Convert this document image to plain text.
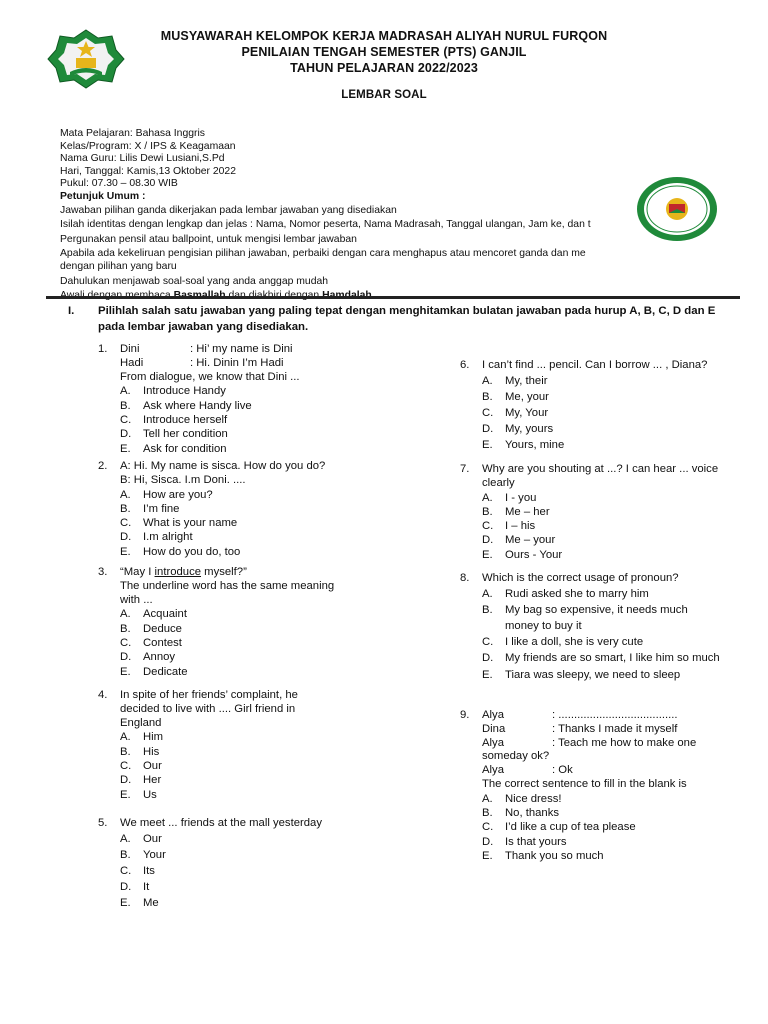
MUSYAWARAH KELOMPOK KERJA MADRASAH ALIYAH NURUL FURQON
PENILAIAN TENGAH SEMESTER (PTS) GANJIL
TAHUN PELAJARAN 2022/2023
LEMBAR SOAL
Mata Pelajaran: Bahasa Inggris
Kelas/Program: X / IPS & Keagamaan
Nama Guru: Lilis Dewi Lusiani,S.Pd
Hari, Tanggal: Kamis,13 Oktober 2022
Pukul: 07.30 – 08.30 WIB
Petunjuk Umum :
Jawaban pilihan ganda dikerjakan pada lembar jawaban yang disediakan
Isilah identitas dengan lengkap dan jelas : Nama, Nomor peserta, Nama Madrasah, Tanggal ulangan, Jam ke, dan t
Pergunakan pensil atau ballpoint, untuk mengisi lembar jawaban
Apabila ada kekeliruan pengisian pilihan jawaban, perbaiki dengan cara menghapus atau mencoret ganda dan me
dengan pilihan yang baru
Dahulukan menjawab soal-soal yang anda anggap mudah
I. Pilihlah salah satu jawaban yang paling tepat dengan menghitamkan bulatan jawaban pada hurup A, B, C, D dan E pada lembar jawaban yang disediakan.
1. Dini	: Hi’ my name is Dini
Hadi	: Hi. Dinin I’m Hadi
From dialogue, we know that Dini ...
A. Introduce Handy
B. Ask where Handy live
C. Introduce herself
D. Tell her condition
E. Ask for condition
2. A: Hi. My name is sisca. How do you do?
B: Hi, Sisca. I.m Doni. ....
A. How are you?
B. I’m fine
C. What is your name
D. I.m alright
E. How do you do, too
3. “May I introduce myself?”
The underline word has the same meaning with ...
A. Acquaint
B. Deduce
C. Contest
D. Annoy
E. Dedicate
4. In spite of her friends’ complaint, he decided to live with .... Girl friend in England
A. Him
B. His
C. Our
D. Her
E. Us
5. We meet ... friends at the mall yesterday
A. Our
B. Your
C. Its
D. It
E. Me
6. I can’t find ... pencil. Can I borrow ... , Diana?
A. My, their
B. Me, your
C. My, Your
D. My, yours
E. Yours, mine
7. Why are you shouting at ...? I can hear ... voice clearly
A. I - you
B. Me – her
C. I – his
D. Me – your
E. Ours - Your
8. Which is the correct usage of pronoun?
A. Rudi asked she to marry him
B. My bag so expensive, it needs much money to buy it
C. I like a doll, she is very cute
D. My friends are so smart, I like him so much
E. Tiara was sleepy, we need to sleep
9. Alya	: ......................................
Dina	: Thanks I made it myself
Alya	: Teach me how to make one
someday ok?
Alya	: Ok
The correct sentence to fill in the blank is
A. Nice dress!
B. No, thanks
C. I’d like a cup of tea please
D. Is that yours
E. Thank you so much
